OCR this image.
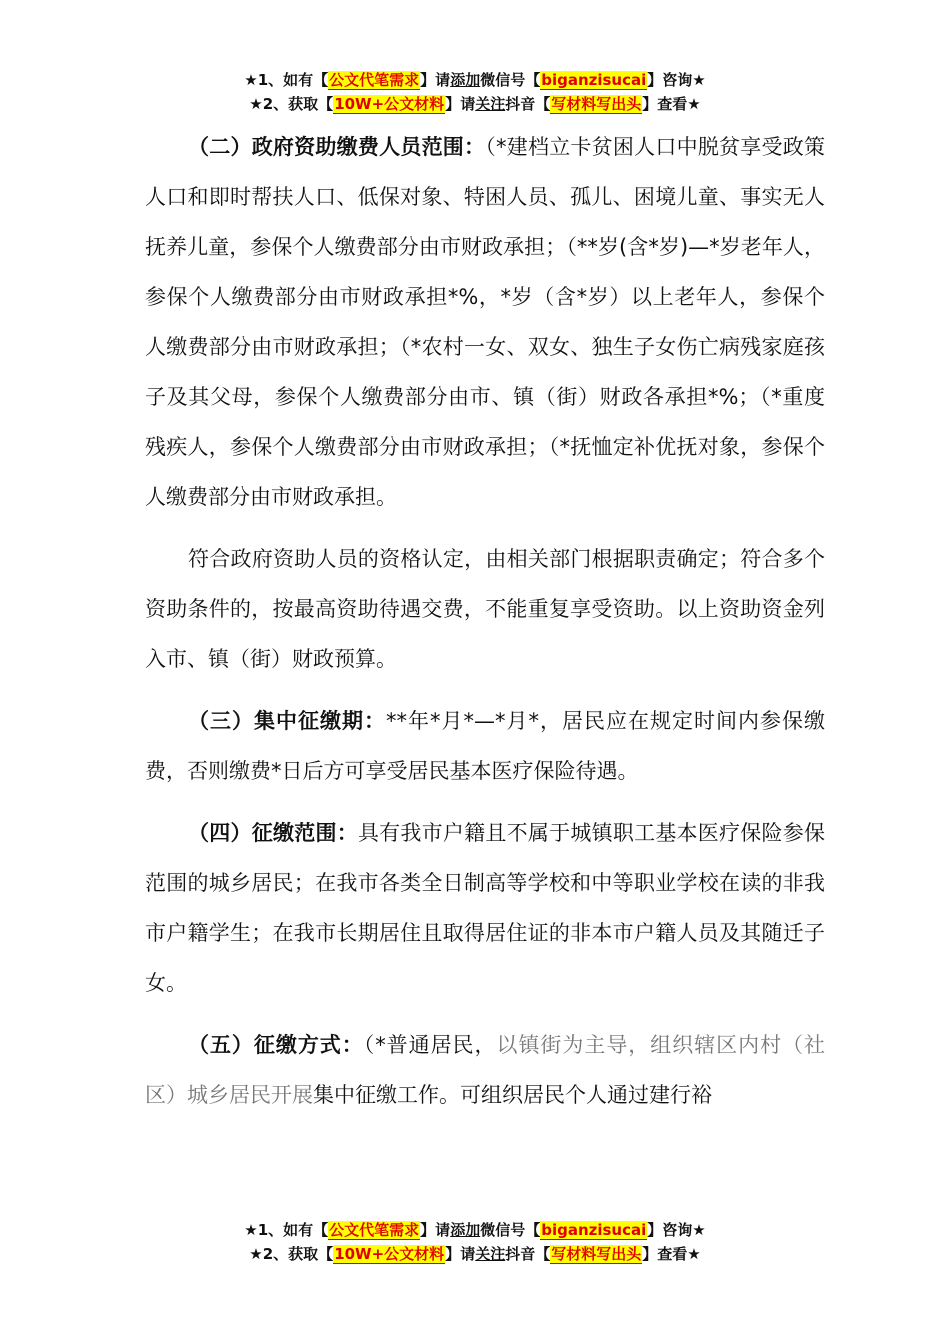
★1、如有【公文代笔需求】请添加微信号【biganzisucai】咨询★
★2、获取【10W+公文材料】请关注抖音【写材料写出头】查看★

（二）政府资助缴费人员范围：（*建档立卡贫困人口中脱贫享受政策人口和即时帮扶人口、低保对象、特困人员、孤儿、困境儿童、事实无人抚养儿童，参保个人缴费部分由市财政承担；（**岁(含*岁)—*岁老年人，参保个人缴费部分由市财政承担*%，*岁（含*岁）以上老年人，参保个人缴费部分由市财政承担；（*农村一女、双女、独生子女伤亡病残家庭孩子及其父母，参保个人缴费部分由市、镇（街）财政各承担*%；（*重度残疾人，参保个人缴费部分由市财政承担；（*抚恤定补优抚对象，参保个人缴费部分由市财政承担。

符合政府资助人员的资格认定，由相关部门根据职责确定；符合多个资助条件的，按最高资助待遇交费，不能重复享受资助。以上资助资金列入市、镇（街）财政预算。

（三）集中征缴期：**年*月*—*月*，居民应在规定时间内参保缴费，否则缴费*日后方可享受居民基本医疗保险待遇。

（四）征缴范围：具有我市户籍且不属于城镇职工基本医疗保险参保范围的城乡居民；在我市各类全日制高等学校和中等职业学校在读的非我市户籍学生；在我市长期居住且取得居住证的非本市户籍人员及其随迁子女。

（五）征缴方式：（*普通居民，以镇街为主导，组织辖区内村（社区）城乡居民开展集中征缴工作。可组织居民个人通过建行裕

★1、如有【公文代笔需求】请添加微信号【biganzisucai】咨询★
★2、获取【10W+公文材料】请关注抖音【写材料写出头】查看★
